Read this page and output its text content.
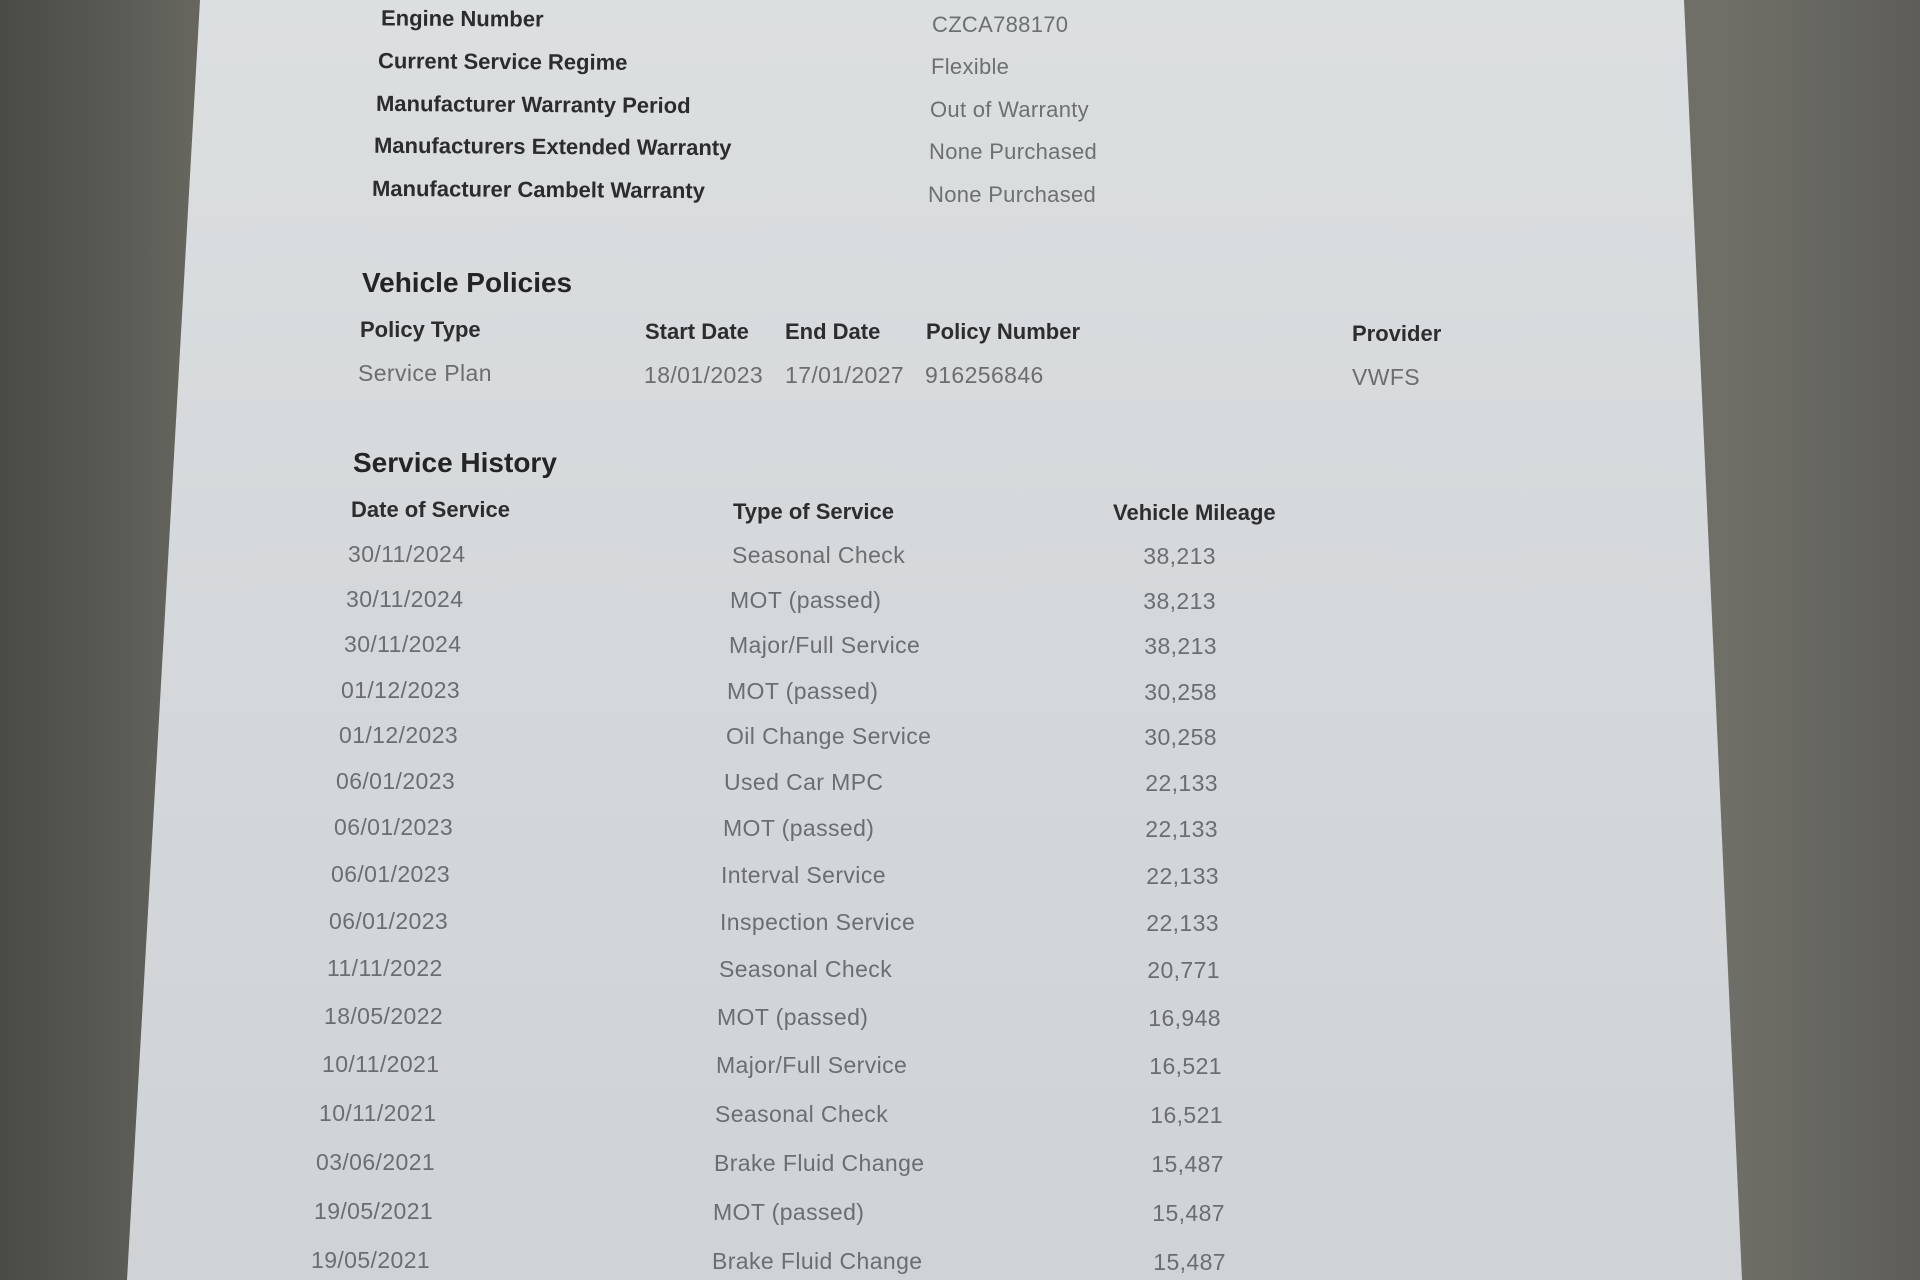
Engine Number	CZCA788170
Current Service Regime	Flexible
Manufacturer Warranty Period	Out of Warranty
Manufacturers Extended Warranty	None Purchased
Manufacturer Cambelt Warranty	None Purchased
Vehicle Policies
Policy Type	Start Date End Date Policy Number	Provider
Service Plan	18/01/2023 17/01/2027 916256846	VWFS
Service History
Date of Service	Type of Service	Vehicle Mileage
30/11/2024	Seasonal Check	38,213
30/11/2024	MOT (passed)	38,213
30/11/2024	Major/Full Service	38,213
01/12/2023	MOT (passed)	30,258
01/12/2023	Oil Change Service	30,258
06/01/2023	Used Car MPC	22,133
06/01/2023	MOT (passed)	22,133
06/01/2023	Interval Service	22,133
06/01/2023	Inspection Service	22,133
11/11/2022	Seasonal Check	20,771
18/05/2022	MOT (passed)	16,948
10/11/2021	Major/Full Service	16,521
10/11/2021	Seasonal Check	16,521
03/06/2021	Brake Fluid Change	15,487
19/05/2021	MOT (passed)	15,487
19/05/2021	Brake Fluid Change	15,487
